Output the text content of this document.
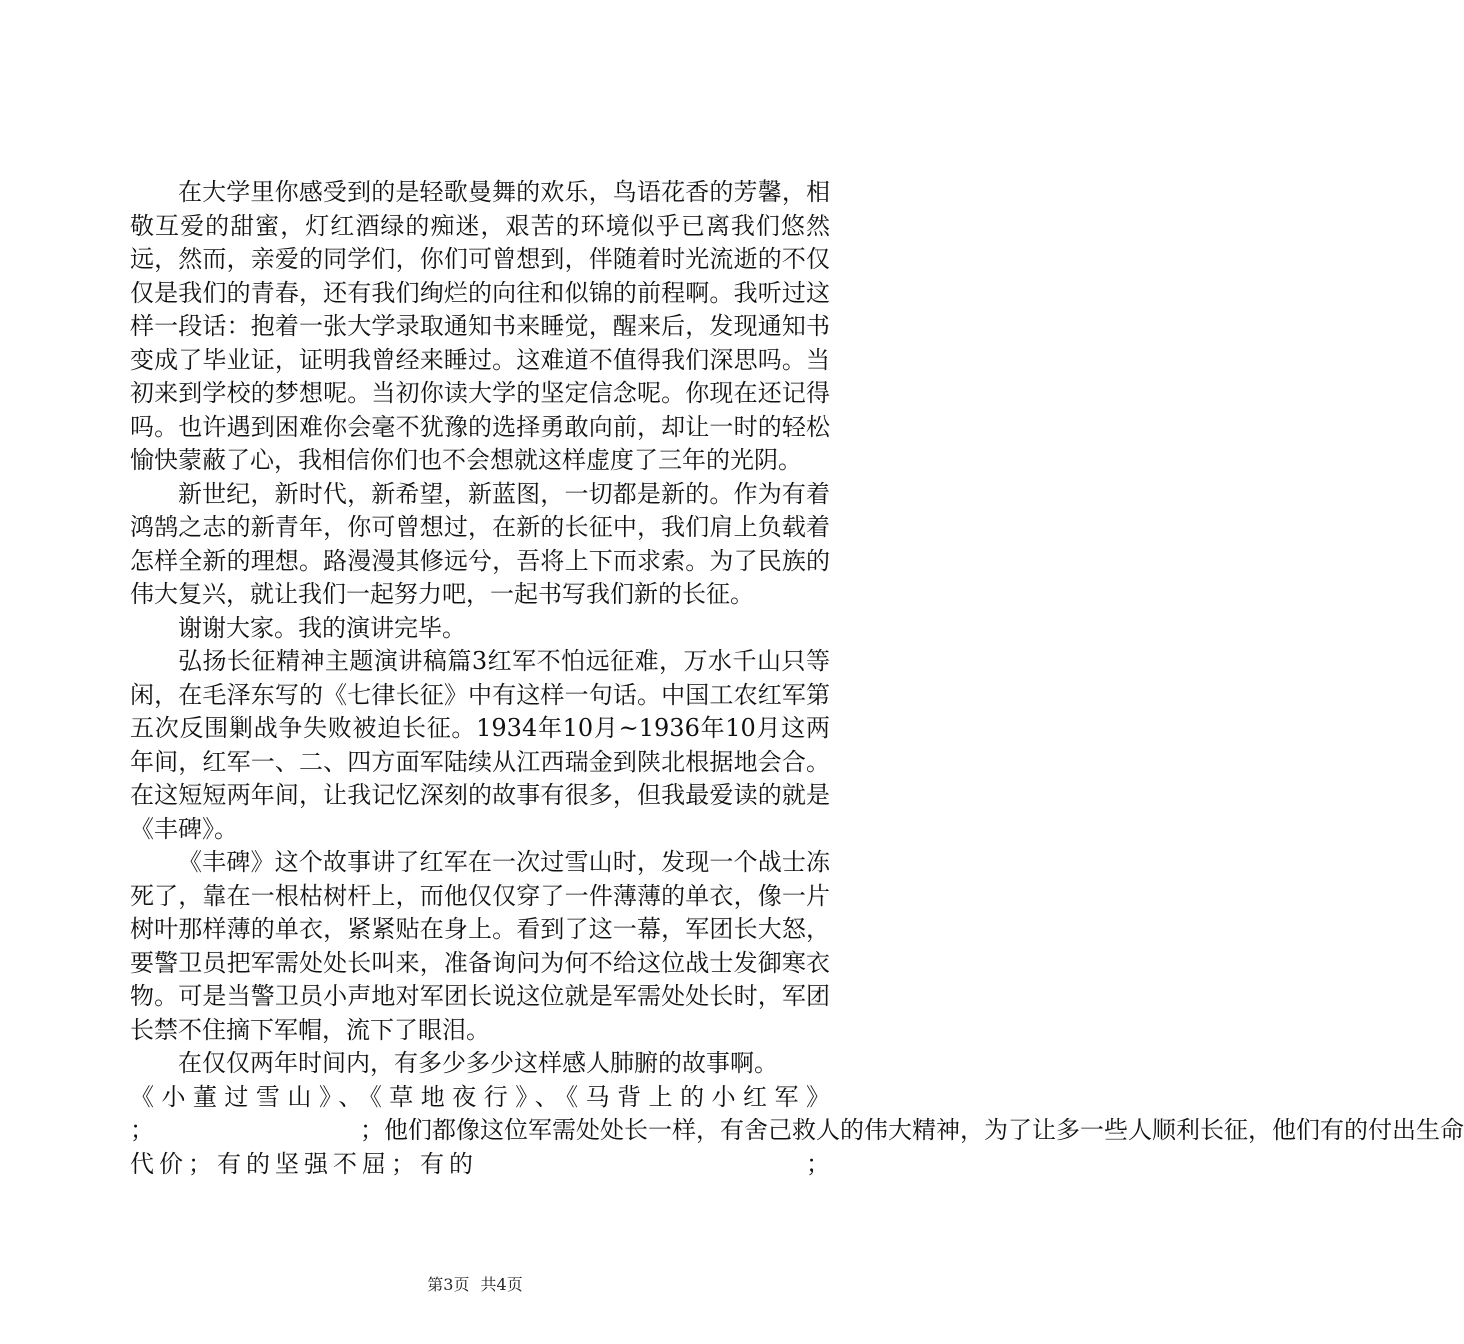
在大学里你感受到的是轻歌曼舞的欢乐，鸟语花香的芳馨，相敬互爱的甜蜜，灯红酒绿的痴迷，艰苦的环境似乎已离我们悠然远，然而，亲爱的同学们，你们可曾想到，伴随着时光流逝的不仅仅是我们的青春，还有我们绚烂的向往和似锦的前程啊。我听过这样一段话：抱着一张大学录取通知书来睡觉，醒来后，发现通知书变成了毕业证，证明我曾经来睡过。这难道不值得我们深思吗。当初来到学校的梦想呢。当初你读大学的坚定信念呢。你现在还记得吗。也许遇到困难你会毫不犹豫的选择勇敢向前，却让一时的轻松愉快蒙蔽了心，我相信你们也不会想就这样虚度了三年的光阴。

新世纪，新时代，新希望，新蓝图，一切都是新的。作为有着鸿鹄之志的新青年，你可曾想过，在新的长征中，我们肩上负载着怎样全新的理想。路漫漫其修远兮，吾将上下而求索。为了民族的伟大复兴，就让我们一起努力吧，一起书写我们新的长征。

谢谢大家。我的演讲完毕。

弘扬长征精神主题演讲稿篇3红军不怕远征难，万水千山只等闲，在毛泽东写的《七律长征》中有这样一句话。中国工农红军第五次反围剿战争失败被迫长征。1934年10月~1936年10月这两年间，红军一、二、四方面军陆续从江西瑞金到陕北根据地会合。在这短短两年间，让我记忆深刻的故事有很多，但我最爱读的就是《丰碑》。

《丰碑》这个故事讲了红军在一次过雪山时，发现一个战士冻死了，靠在一根枯树杆上，而他仅仅穿了一件薄薄的单衣，像一片树叶那样薄的单衣，紧紧贴在身上。看到了这一幕，军团长大怒，要警卫员把军需处处长叫来，准备询问为何不给这位战士发御寒衣物。可是当警卫员小声地对军团长说这位就是军需处处长时，军团长禁不住摘下军帽，流下了眼泪。

在仅仅两年时间内，有多少多少这样感人肺腑的故事啊。

《小董过雪山》、《草地夜行》、《马背上的小红军》

；	；他们都像这位军需处处长一样，有舍己救人的伟大精神，为了让多一些人顺利长征，他们有的付出生命
代价；有的坚强不屈；有的	；
第3页 共4页
